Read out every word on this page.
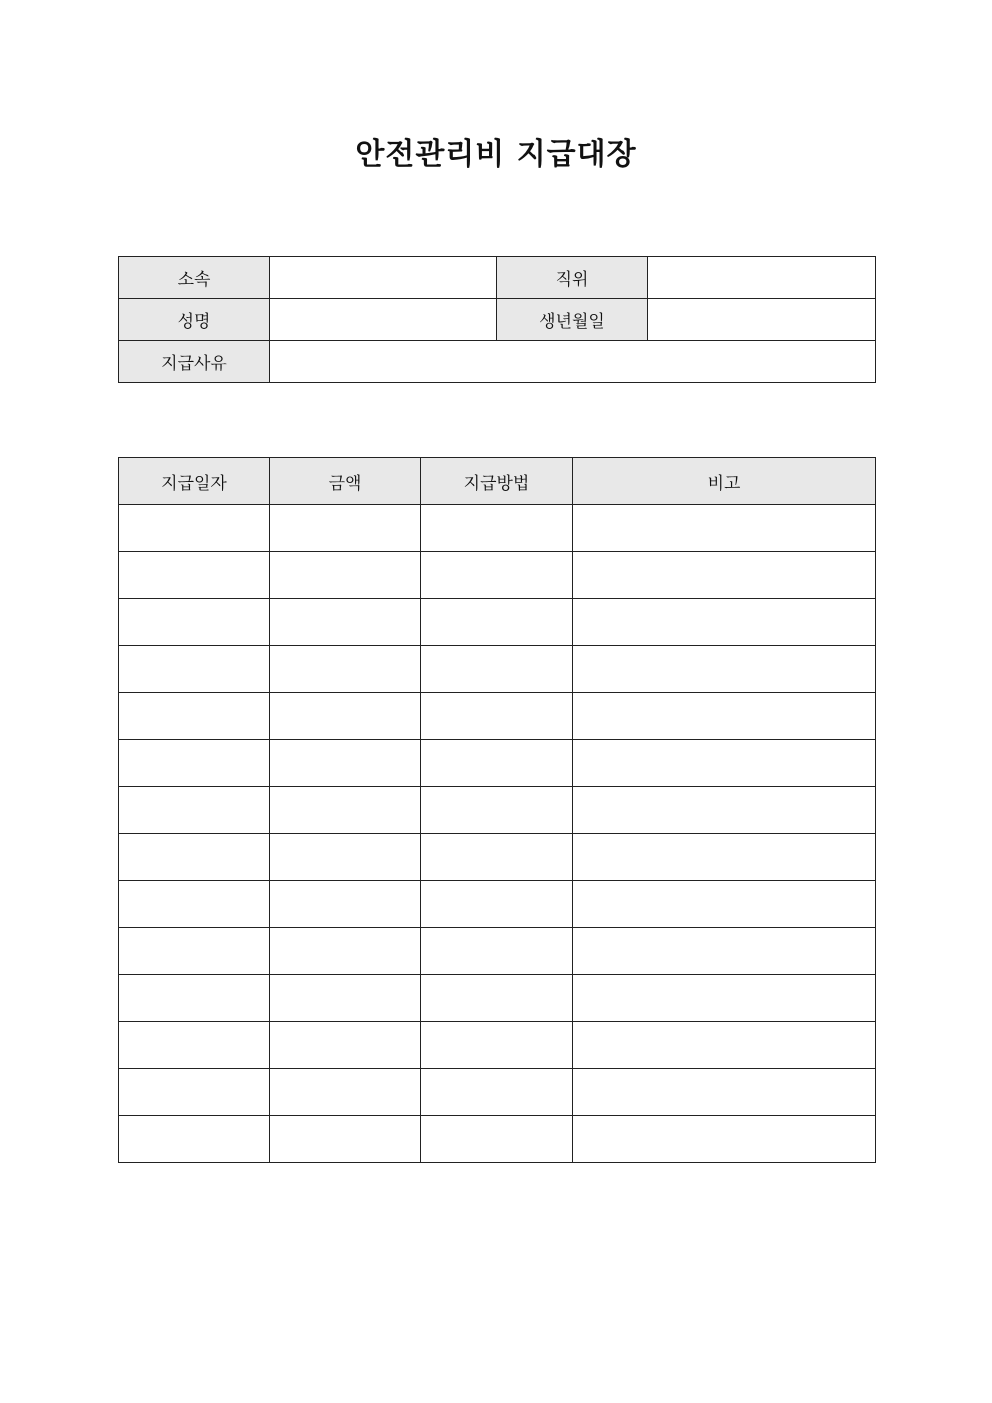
안전관리비 지급대장
소속		직위	
성명		생년월일	
지급사유			
지급일자	금액	지급방법	비고
